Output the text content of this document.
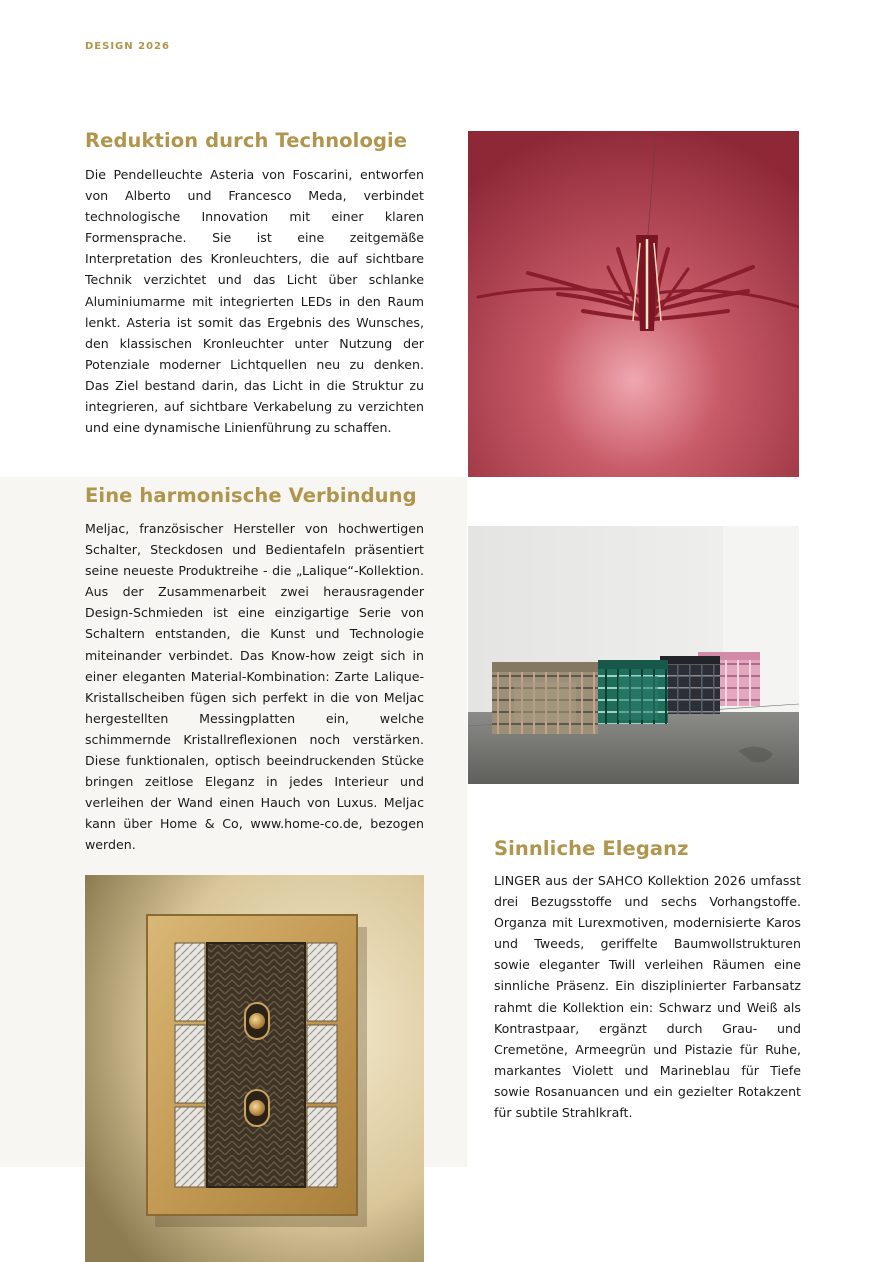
DESIGN 2026
Reduktion durch Technologie

Die Pendelleuchte Asteria von Foscarini, entworfen von Alberto und Francesco Meda, verbindet technologische Innovation mit einer klaren Formensprache. Sie ist eine zeitgemäße Interpretation des Kronleuchters, die auf sichtbare Technik verzichtet und das Licht über schlanke Aluminiumarme mit integrierten LEDs in den Raum lenkt. Asteria ist somit das Ergebnis des Wunsches, den klassischen Kronleuchter unter Nutzung der Potenziale moderner Lichtquellen neu zu denken. Das Ziel bestand darin, das Licht in die Struktur zu integrieren, auf sichtbare Verkabelung zu verzichten und eine dynamische Linienführung zu schaffen.

Eine harmonische Verbindung

Meljac, französischer Hersteller von hochwertigen Schalter, Steckdosen und Bedientafeln präsentiert seine neueste Produktreihe - die „Lalique“-Kollektion. Aus der Zusammenarbeit zwei herausragender Design-Schmieden ist eine einzigartige Serie von Schaltern entstanden, die Kunst und Technologie miteinander verbindet. Das Know-how zeigt sich in einer eleganten Material-Kombination: Zarte Lalique- Kristallscheiben fügen sich perfekt in die von Meljac hergestellten Messingplatten ein, welche schimmernde Kristallreflexionen noch verstärken. Diese funktionalen, optisch beeindruckenden Stücke bringen zeitlose Eleganz in jedes Interieur und verleihen der Wand einen Hauch von Luxus. Meljac kann über Home & Co, www.home-co.de, bezogen werden.	Sinnliche Eleganz

LINGER aus der SAHCO Kollektion 2026 umfasst drei Bezugsstoffe und sechs Vorhangstoffe. Organza mit Lurexmotiven, modernisierte Karos und Tweeds, geriffelte Baumwollstrukturen sowie eleganter Twill verleihen Räumen eine sinnliche Präsenz. Ein disziplinierter Farbansatz rahmt die Kollektion ein: Schwarz und Weiß als Kontrastpaar, ergänzt durch Grau- und Cremetöne, Armeegrün und Pistazie für Ruhe, markantes Violett und Marineblau für Tiefe sowie Rosanuancen und ein gezielter Rotakzent für subtile Strahlkraft.
